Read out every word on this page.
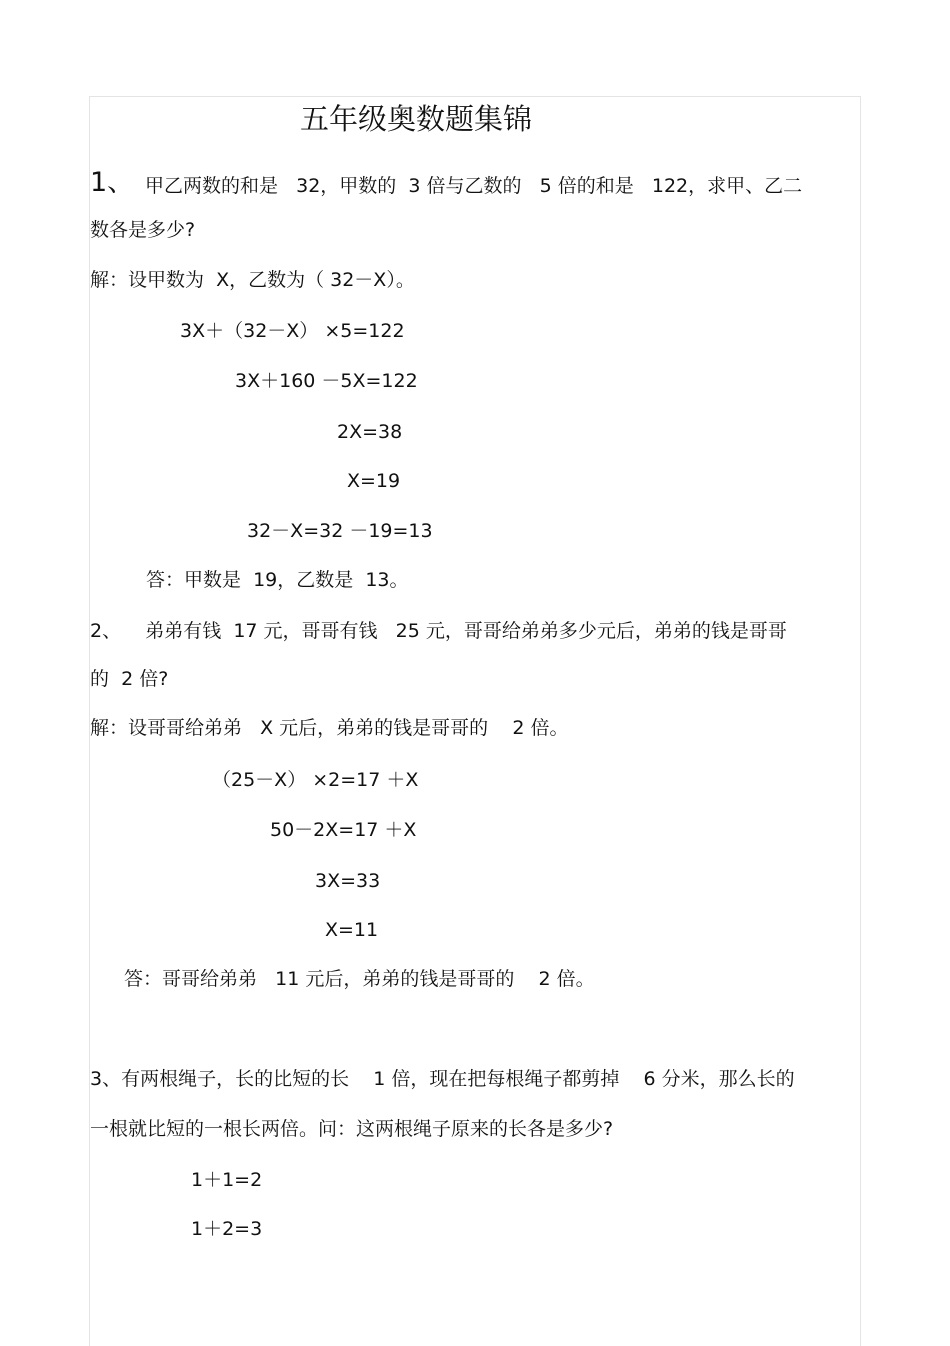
五年级奥数题集锦
1、 甲乙两数的和是   32，甲数的  3 倍与乙数的   5 倍的和是   122，求甲、乙二
数各是多少?
解：设甲数为  X，乙数为（ 32－X）。
3X＋（32－X） ×5=122
3X＋160 －5X=122
2X=38
X=19
32－X=32 －19=13
答：甲数是  19，乙数是  13。
2、    弟弟有钱  17 元，哥哥有钱   25 元，哥哥给弟弟多少元后，弟弟的钱是哥哥
的  2 倍?
解：设哥哥给弟弟   X 元后，弟弟的钱是哥哥的    2 倍。
（25－X） ×2=17 ＋X
50－2X=17 ＋X
3X=33
X=11
答：哥哥给弟弟   11 元后，弟弟的钱是哥哥的    2 倍。
3、有两根绳子，长的比短的长    1 倍，现在把每根绳子都剪掉    6 分米，那么长的
一根就比短的一根长两倍。问：这两根绳子原来的长各是多少?
1＋1=2
1＋2=3
